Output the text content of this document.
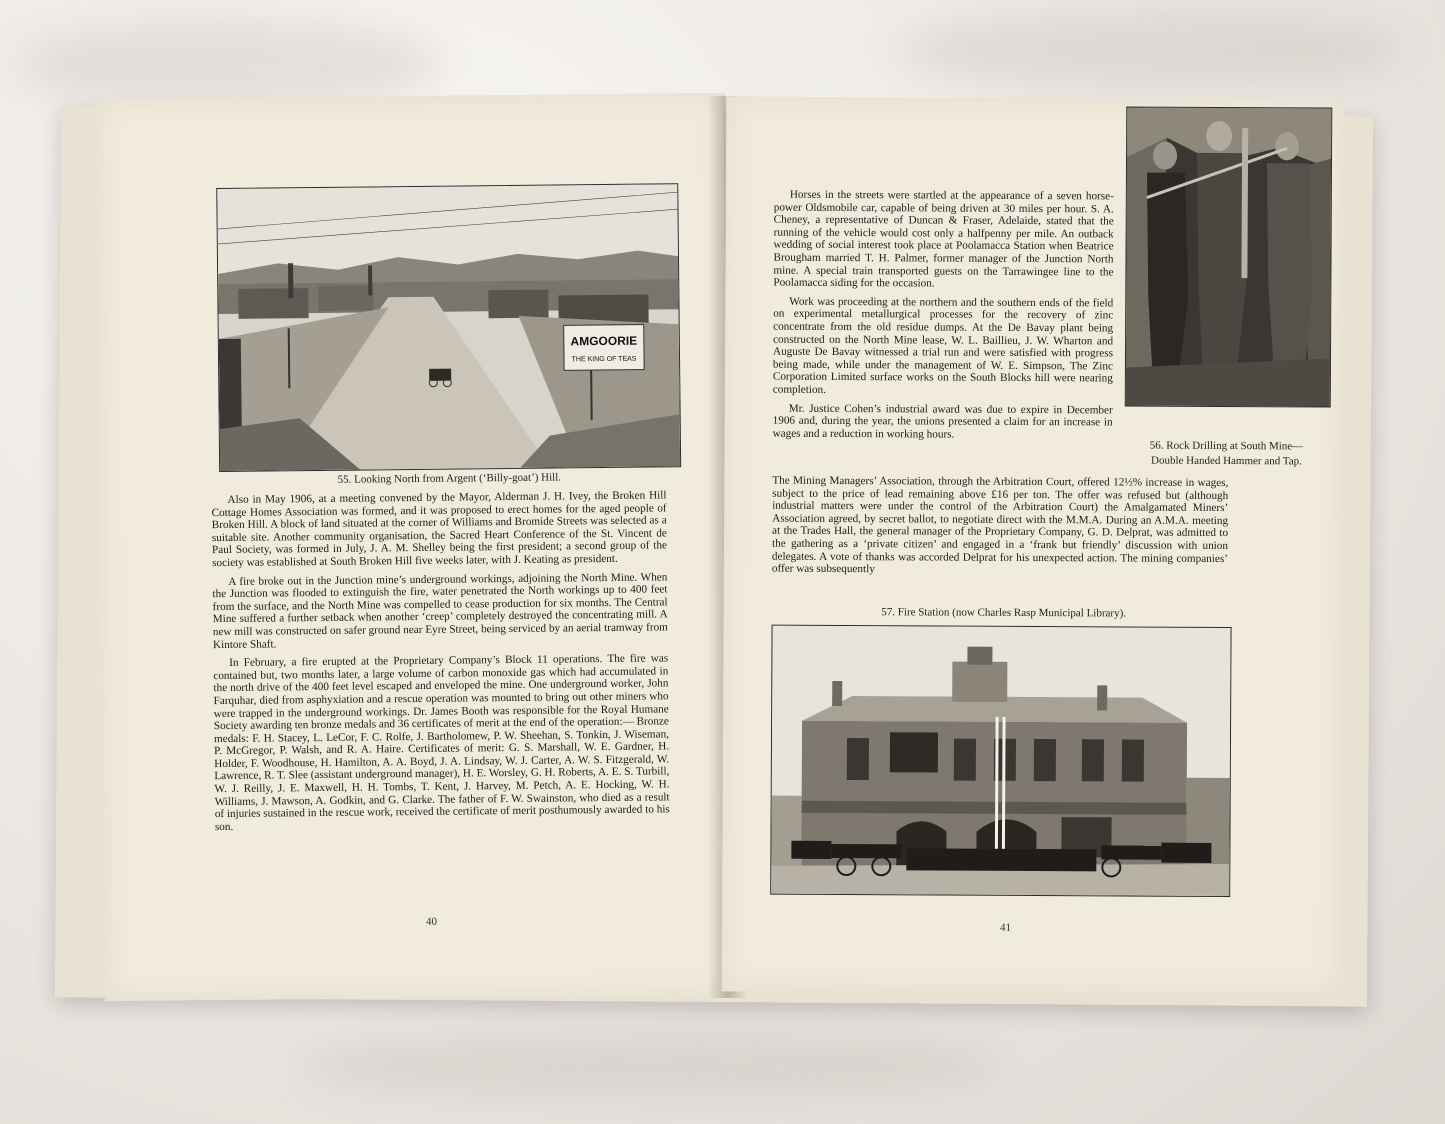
AMGOORIE
THE KING OF TEAS
55. Looking North from Argent (‘Billy-goat’) Hill.

Also in May 1906, at a meeting convened by the Mayor, Alderman J. H. Ivey, the Broken Hill Cottage Homes Association was formed, and it was proposed to erect homes for the aged people of Broken Hill. A block of land situated at the corner of Williams and Bromide Streets was selected as a suitable site. Another community organisation, the Sacred Heart Conference of the St. Vincent de Paul Society, was formed in July, J. A. M. Shelley being the first president; a second group of the society was established at South Broken Hill five weeks later, with J. Keating as president.

A fire broke out in the Junction mine’s underground workings, adjoining the North Mine. When the Junction was flooded to extinguish the fire, water penetrated the North workings up to 400 feet from the surface, and the North Mine was compelled to cease production for six months. The Central Mine suffered a further setback when another ‘creep’ completely destroyed the concentrating mill. A new mill was constructed on safer ground near Eyre Street, being serviced by an aerial tramway from Kintore Shaft.

In February, a fire erupted at the Proprietary Company’s Block 11 operations. The fire was contained but, two months later, a large volume of carbon monoxide gas which had accumulated in the north drive of the 400 feet level escaped and enveloped the mine. One underground worker, John Farquhar, died from asphyxiation and a rescue operation was mounted to bring out other miners who were trapped in the underground workings. Dr. James Booth was responsible for the Royal Humane Society awarding ten bronze medals and 36 certificates of merit at the end of the operation:— Bronze medals: F. H. Stacey, L. LeCor, F. C. Rolfe, J. Bartholomew, P. W. Sheehan, S. Tonkin, J. Wiseman, P. McGregor, P. Walsh, and R. A. Haire. Certificates of merit: G. S. Marshall, W. E. Gardner, H. Holder, F. Woodhouse, H. Hamilton, A. A. Boyd, J. A. Lindsay, W. J. Carter, A. W. S. Fitzgerald, W. Lawrence, R. T. Slee (assistant underground manager), H. E. Worsley, G. H. Roberts, A. E. S. Turbill, W. J. Reilly, J. E. Maxwell, H. H. Tombs, T. Kent, J. Harvey, M. Petch, A. E. Hocking, W. H. Williams, J. Mawson, A. Godkin, and G. Clarke. The father of F. W. Swainston, who died as a result of injuries sustained in the rescue work, received the certificate of merit posthumously awarded to his son.

40
56. Rock Drilling at South Mine—
Double Handed Hammer and Tap.

Horses in the streets were startled at the appearance of a seven horse-power Oldsmobile car, capable of being driven at 30 miles per hour. S. A. Cheney, a representative of Duncan & Fraser, Adelaide, stated that the running of the vehicle would cost only a halfpenny per mile. An outback wedding of social interest took place at Poolamacca Station when Beatrice Brougham married T. H. Palmer, former manager of the Junction North mine. A special train transported guests on the Tarrawingee line to the Poolamacca siding for the occasion.

Work was proceeding at the northern and the southern ends of the field on experimental metallurgical processes for the recovery of zinc concentrate from the old residue dumps. At the De Bavay plant being constructed on the North Mine lease, W. L. Baillieu, J. W. Wharton and Auguste De Bavay witnessed a trial run and were satisfied with progress being made, while under the management of W. E. Simpson, The Zinc Corporation Limited surface works on the South Blocks hill were nearing completion.

Mr. Justice Cohen’s industrial award was due to expire in December 1906 and, during the year, the unions presented a claim for an increase in wages and a reduction in working hours.

The Mining Managers’ Association, through the Arbitration Court, offered 12½% increase in wages, subject to the price of lead remaining above £16 per ton. The offer was refused but (although industrial matters were under the control of the Arbitration Court) the Amalgamated Miners’ Association agreed, by secret ballot, to negotiate direct with the M.M.A. During an A.M.A. meeting at the Trades Hall, the general manager of the Proprietary Company, G. D. Delprat, was admitted to the gathering as a ‘private citizen’ and engaged in a ‘frank but friendly’ discussion with union delegates. A vote of thanks was accorded Delprat for his unexpected action. The mining companies’ offer was subsequently

57. Fire Station (now Charles Rasp Municipal Library).
41
